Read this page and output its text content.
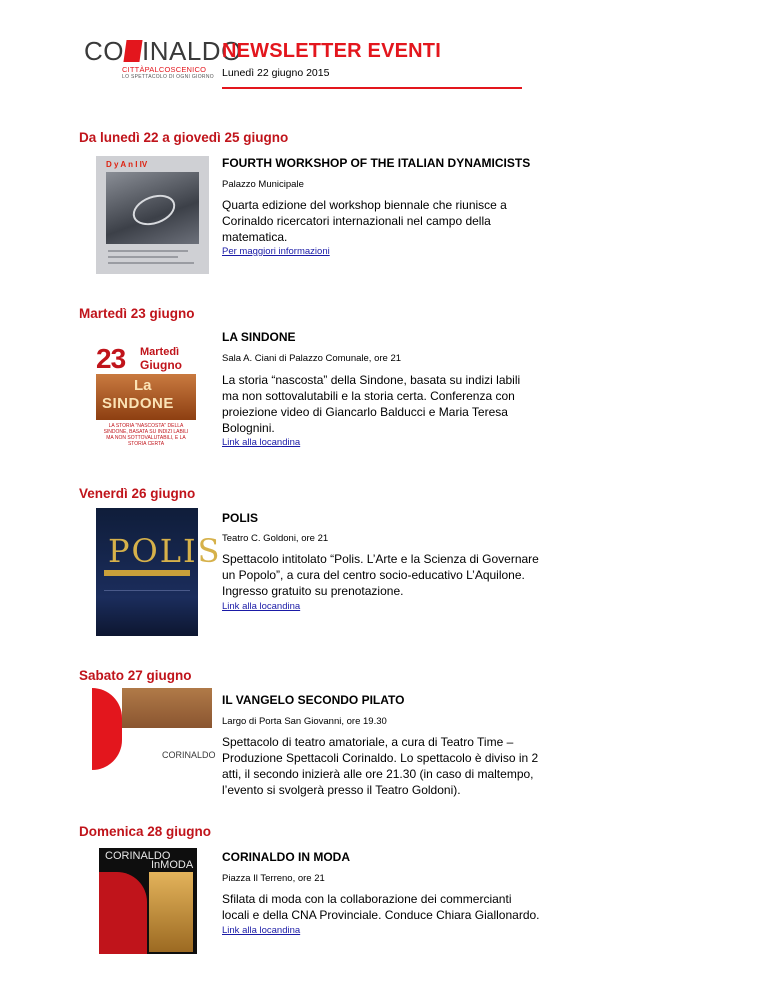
CO INALDO
CITTÀPALCOSCENICO
LO SPETTACOLO DI OGNI GIORNO
NEWSLETTER EVENTI
Lunedì 22 giugno 2015
Da lunedì 22 a giovedì 25 giugno
D y A n I IV	FOURTH WORKSHOP OF THE ITALIAN DYNAMICISTS
Palazzo Municipale
Quarta edizione del workshop biennale che riunisce a Corinaldo ricercatori internazionali nel campo della matematica.
Per maggiori informazioni
Martedì 23 giugno
23 Martedì
Giugno
La
SINDONE
LA STORIA "NASCOSTA" DELLA SINDONE, BASATA SU INDIZI LABILI MA NON SOTTOVALUTABILI, E LA STORIA CERTA
LA SINDONE
Sala A. Ciani di Palazzo Comunale, ore 21
La storia “nascosta” della Sindone, basata su indizi labili ma non sottovalutabili e la storia certa. Conferenza con proiezione video di Giancarlo Balducci e Maria Teresa Bolognini.
Link alla locandina
Venerdì 26 giugno
POLIS
POLIS
Teatro C. Goldoni, ore 21
Spettacolo intitolato “Polis. L’Arte e la Scienza di Governare un Popolo”, a cura del centro socio-educativo L’Aquilone. Ingresso gratuito su prenotazione.
Link alla locandina
Sabato 27 giugno
CORINALDO
IL VANGELO SECONDO PILATO
Largo di Porta San Giovanni, ore 19.30
Spettacolo di teatro amatoriale, a cura di Teatro Time – Produzione Spettacoli Corinaldo. Lo spettacolo è diviso in 2 atti, il secondo inizierà alle ore 21.30 (in caso di maltempo, l’evento si svolgerà presso il Teatro Goldoni).
Domenica 28 giugno
CORINALDO
InMODA
CORINALDO IN MODA
Piazza Il Terreno, ore 21
Sfilata di moda con la collaborazione dei commercianti locali e della CNA Provinciale. Conduce Chiara Giallonardo.
Link alla locandina
